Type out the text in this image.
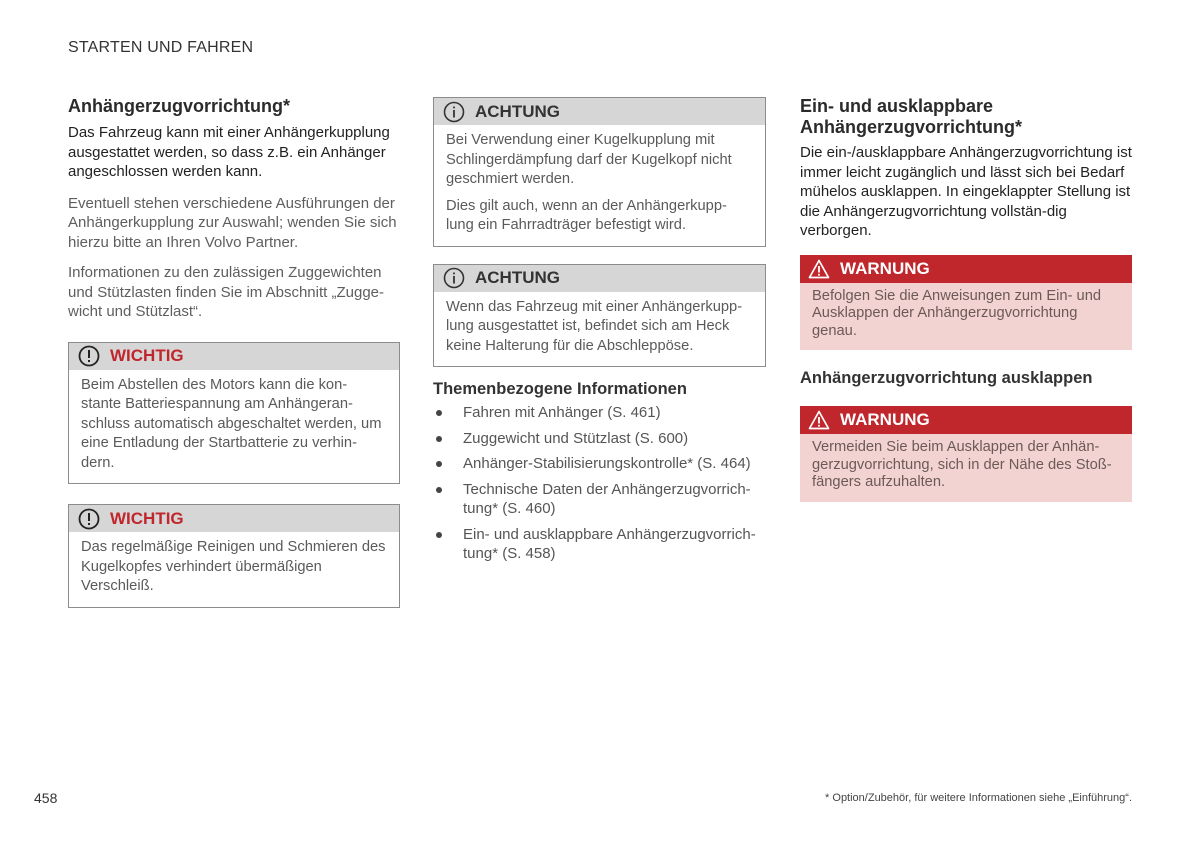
STARTEN UND FAHREN
Anhängerzugvorrichtung*

Das Fahrzeug kann mit einer Anhängerkupplung ausgestattet werden, so dass z.B. ein Anhänger angeschlossen werden kann.

Eventuell stehen verschiedene Ausführungen der Anhängerkupplung zur Auswahl; wenden Sie sich hierzu bitte an Ihren Volvo Partner.

Informationen zu den zulässigen Zuggewichten und Stützlasten finden Sie im Abschnitt „Zugge-wicht und Stützlast“.

WICHTIG
Beim Abstellen des Motors kann die kon-stante Batteriespannung am Anhängeran-schluss automatisch abgeschaltet werden, um eine Entladung der Startbatterie zu verhin-dern.
WICHTIG
Das regelmäßige Reinigen und Schmieren des Kugelkopfes verhindert übermäßigen Verschleiß.
ACHTUNG

Bei Verwendung einer Kugelkupplung mit Schlingerdämpfung darf der Kugelkopf nicht geschmiert werden.

Dies gilt auch, wenn an der Anhängerkupp-lung ein Fahrradträger befestigt wird.

ACHTUNG
Wenn das Fahrzeug mit einer Anhängerkupp-lung ausgestattet ist, befindet sich am Heck keine Halterung für die Abschleppöse.
Themenbezogene Informationen
Fahren mit Anhänger (S. 461)
Zuggewicht und Stützlast (S. 600)
Anhänger-Stabilisierungskontrolle* (S. 464)
Technische Daten der Anhängerzugvorrich-tung* (S. 460)
Ein- und ausklappbare Anhängerzugvorrich-tung* (S. 458)
Ein- und ausklappbare Anhängerzugvorrichtung*

Die ein-/ausklappbare Anhängerzugvorrichtung ist immer leicht zugänglich und lässt sich bei Bedarf mühelos ausklappen. In eingeklappter Stellung ist die Anhängerzugvorrichtung vollstän-dig verborgen.

WARNUNG
Befolgen Sie die Anweisungen zum Ein- und Ausklappen der Anhängerzugvorrichtung genau.
Anhängerzugvorrichtung ausklappen
WARNUNG
Vermeiden Sie beim Ausklappen der Anhän-gerzugvorrichtung, sich in der Nähe des Stoß-fängers aufzuhalten.
458	* Option/Zubehör, für weitere Informationen siehe „Einführung“.
